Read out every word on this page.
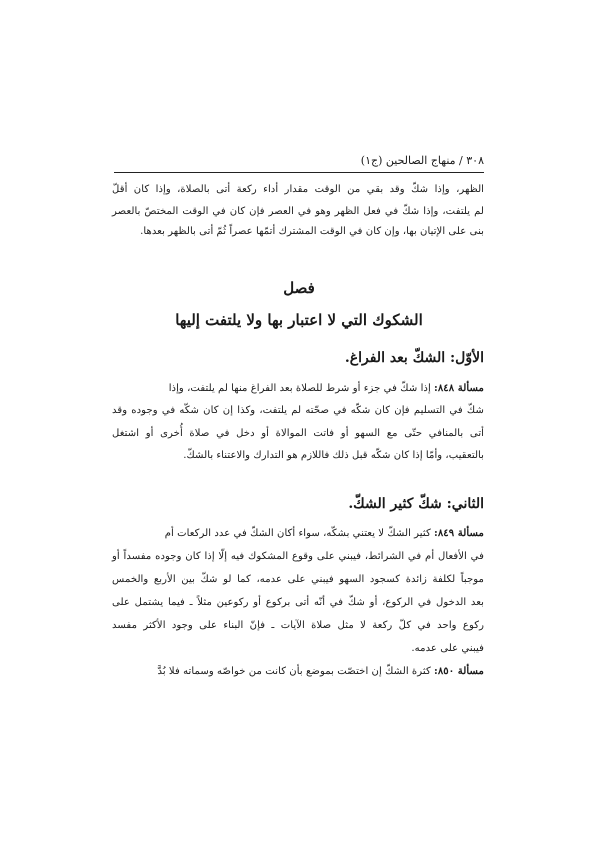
٣٠٨ / منهاج الصالحين (ج١)
الظهر، وإذا شكّ وقد بقي من الوقت مقدار أداء ركعة أتى بالصلاة، وإذا كان أقلّ
لم يلتفت، وإذا شكّ في فعل الظهر وهو في العصر فإن كان في الوقت المختصّ بالعصر
بنى على الإتيان بها، وإن كان في الوقت المشترك أتمّها عصراً ثُمّ أتى بالظهر بعدها.
فصل
الشكوك التي لا اعتبار بها ولا يلتفت إليها
الأوّل: الشكّ بعد الفراغ.
مسألة ٨٤٨: إذا شكّ في جزء أو شرط للصلاة بعد الفراغ منها لم يلتفت، وإذا
شكّ في التسليم فإن كان شكّه في صحّته لم يلتفت، وكذا إن كان شكّه في وجوده وقد
أتى بالمنافي حتّى مع السهو أو فاتت الموالاة أو دخل في صلاة أُخرى أو اشتغل
بالتعقيب، وأمّا إذا كان شكّه قبل ذلك فاللازم هو التدارك والاعتناء بالشكّ.
الثاني: شكّ كثير الشكّ.
مسألة ٨٤٩: كثير الشكّ لا يعتني بشكّه، سواء أكان الشكّ في عدد الركعات أم
في الأفعال أم في الشرائط، فيبني على وقوع المشكوك فيه إلّا إذا كان وجوده مفسداً أو
موجباً لكلفة زائدة كسجود السهو فيبني على عدمه، كما لو شكّ بين الأربع والخمس
بعد الدخول في الركوع، أو شكّ في أنّه أتى بركوع أو ركوعين مثلاً ـ فيما يشتمل على
ركوع واحد في كلّ ركعة لا مثل صلاة الآيات ـ فإنّ البناء على وجود الأكثر مفسد
فيبني على عدمه.
مسألة ٨٥٠: كثرة الشكّ إن اختصّت بموضع بأن كانت من خواصّه وسماته فلا بُدَّ
